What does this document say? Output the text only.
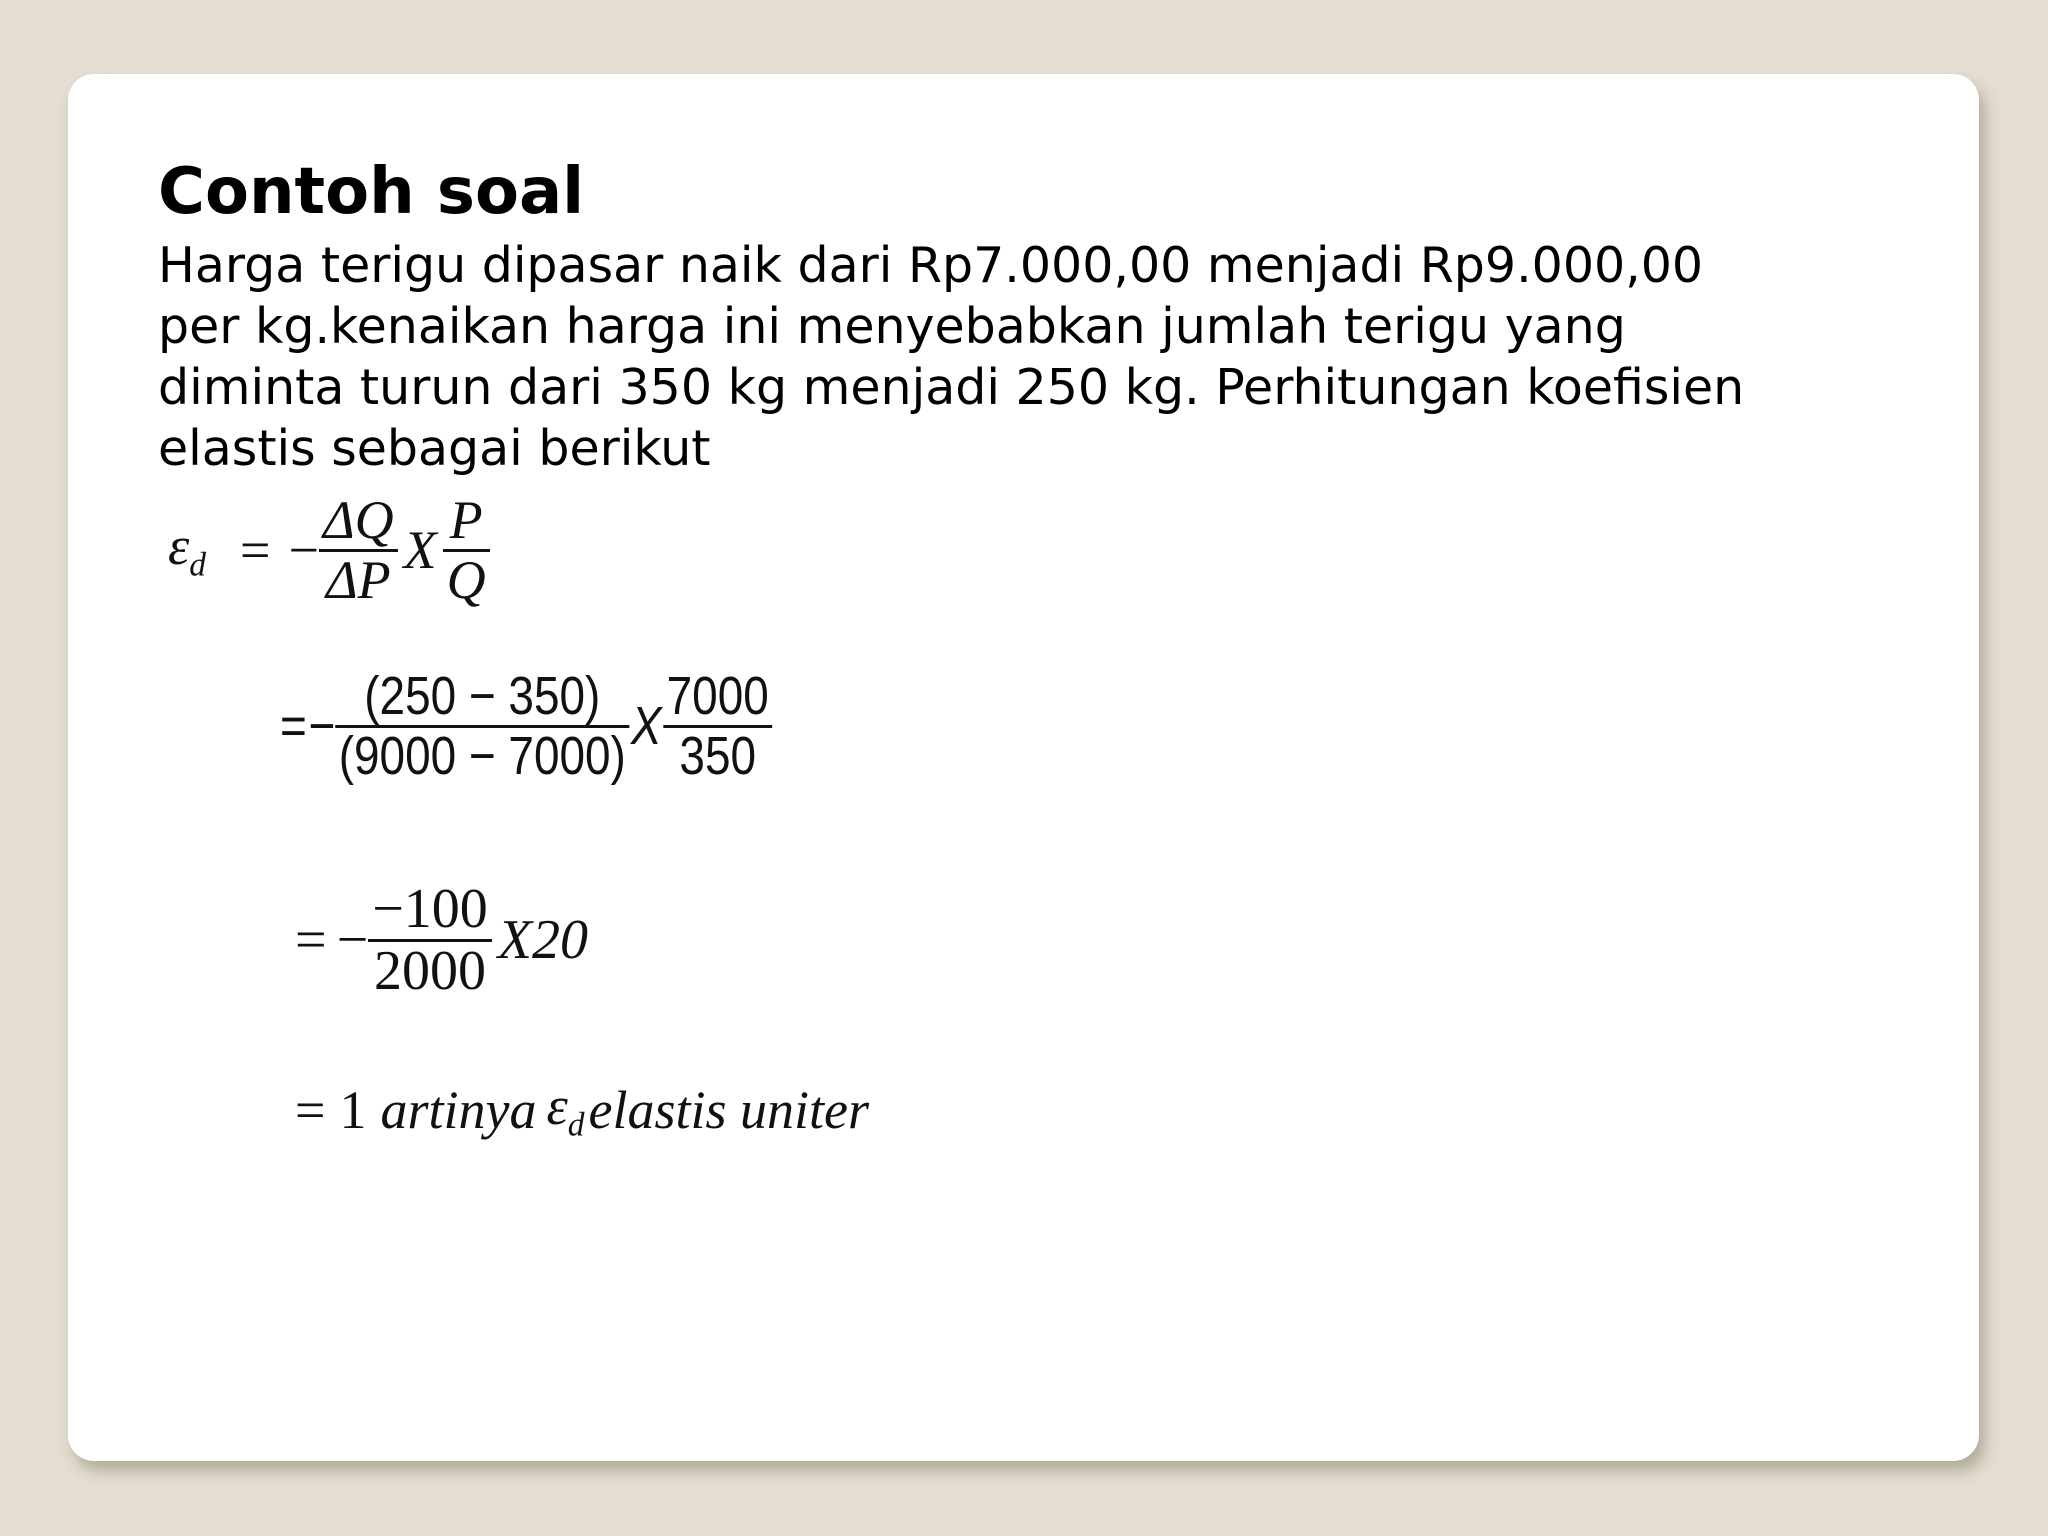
Contoh soal
Harga terigu dipasar naik dari Rp7.000,00 menjadi Rp9.000,00
per kg.kenaikan harga ini menyebabkan jumlah terigu yang
diminta turun dari 350 kg menjadi 250 kg. Perhitungan koefisien
elastis sebagai berikut
$\varepsilon_d$ = − $\frac{\Delta Q}{\Delta P}$ X $\frac{P}{Q}$
= − $\frac{(250 - 350)}{(9000 - 7000)}$ X $\frac{7000}{350}$
= − $\frac{-100}{2000} X20$
= 1 artinya $\varepsilon_d$ elastis uniter
